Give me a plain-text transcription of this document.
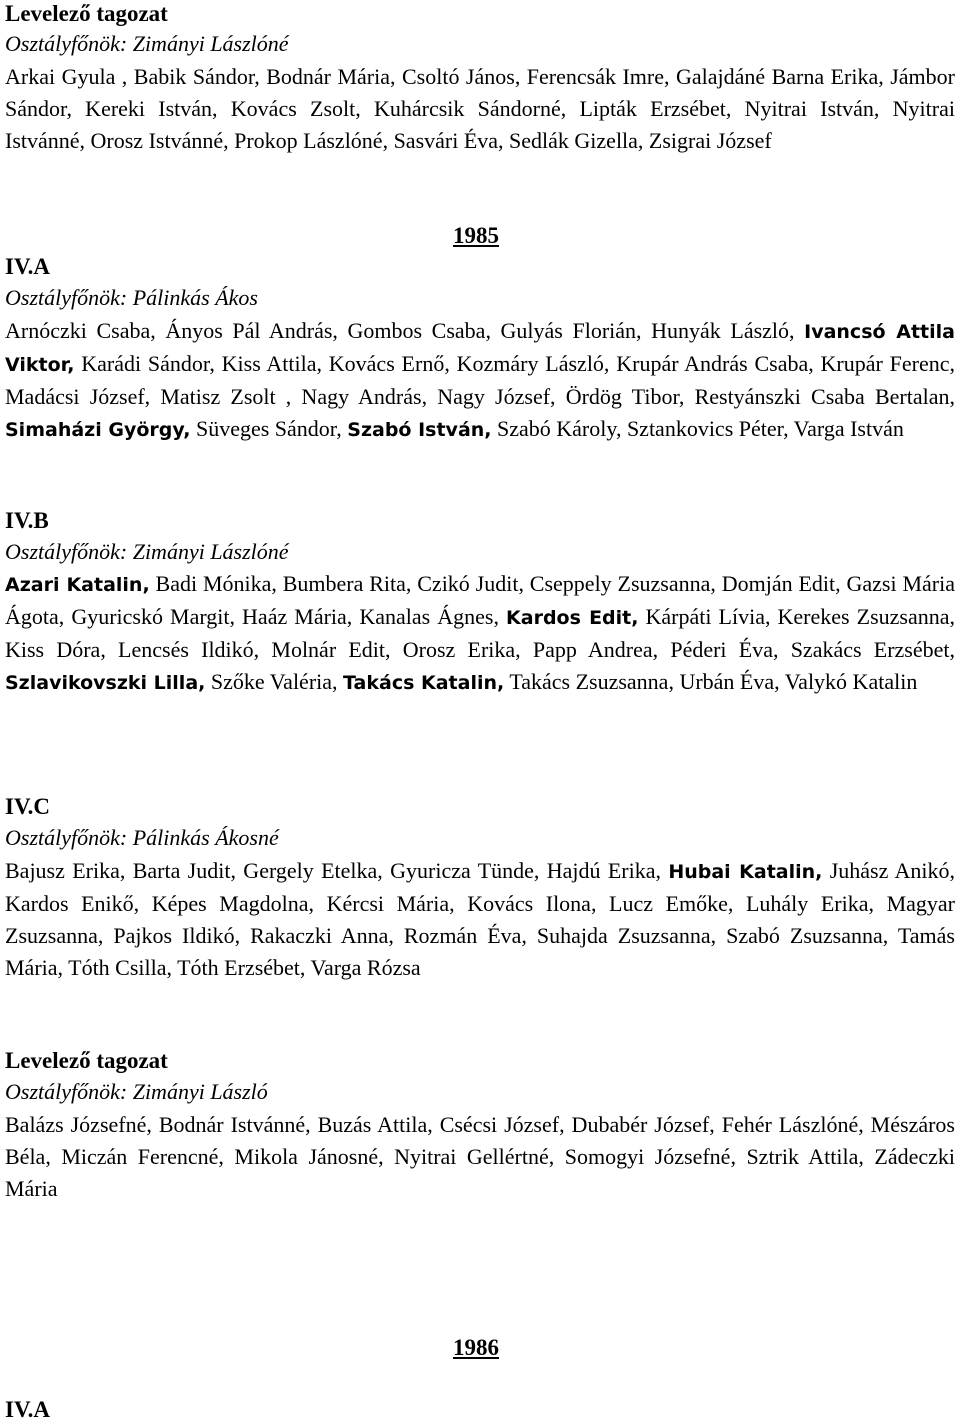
Levelező tagozat
Osztályfőnök: Zimányi Lászlóné
Arkai Gyula , Babik Sándor, Bodnár Mária, Csoltó János, Ferencsák Imre, Galajdáné Barna Erika, Jámbor Sándor, Kereki István, Kovács Zsolt, Kuhárcsik Sándorné, Lipták Erzsébet, Nyitrai István, Nyitrai Istvánné, Orosz Istvánné, Prokop Lászlóné, Sasvári Éva, Sedlák Gizella, Zsigrai József
1985
IV.A
Osztályfőnök: Pálinkás Ákos
Arnóczki Csaba, Ányos Pál András, Gombos Csaba, Gulyás Florián, Hunyák László, Ivancsó Attila Viktor, Karádi Sándor, Kiss Attila, Kovács Ernő, Kozmáry László, Krupár András Csaba, Krupár Ferenc, Madácsi József, Matisz Zsolt , Nagy András, Nagy József, Ördög Tibor, Restyánszki Csaba Bertalan, Simaházi György, Süveges Sándor, Szabó István, Szabó Károly, Sztankovics Péter, Varga István
IV.B
Osztályfőnök: Zimányi Lászlóné
Azari Katalin, Badi Mónika, Bumbera Rita, Czikó Judit, Cseppely Zsuzsanna, Domján Edit, Gazsi Mária Ágota, Gyuricskó Margit, Haáz Mária, Kanalas Ágnes, Kardos Edit, Kárpáti Lívia, Kerekes Zsuzsanna, Kiss Dóra, Lencsés Ildikó, Molnár Edit, Orosz Erika, Papp Andrea, Péderi Éva, Szakács Erzsébet, Szlavikovszki Lilla, Szőke Valéria, Takács Katalin, Takács Zsuzsanna, Urbán Éva, Valykó Katalin
IV.C
Osztályfőnök: Pálinkás Ákosné
Bajusz Erika, Barta Judit, Gergely Etelka, Gyuricza Tünde, Hajdú Erika, Hubai Katalin, Juhász Anikó, Kardos Enikő, Képes Magdolna, Kércsi Mária, Kovács Ilona, Lucz Emőke, Luhály Erika, Magyar Zsuzsanna, Pajkos Ildikó, Rakaczki Anna, Rozmán Éva, Suhajda Zsuzsanna, Szabó Zsuzsanna, Tamás Mária, Tóth Csilla, Tóth Erzsébet, Varga Rózsa
Levelező tagozat
Osztályfőnök: Zimányi László
Balázs Józsefné, Bodnár Istvánné, Buzás Attila, Csécsi József, Dubabér József, Fehér Lászlóné, Mészáros Béla, Miczán Ferencné, Mikola Jánosné, Nyitrai Gellértné, Somogyi Józsefné, Sztrik Attila, Zádeczki Mária
1986
IV.A
